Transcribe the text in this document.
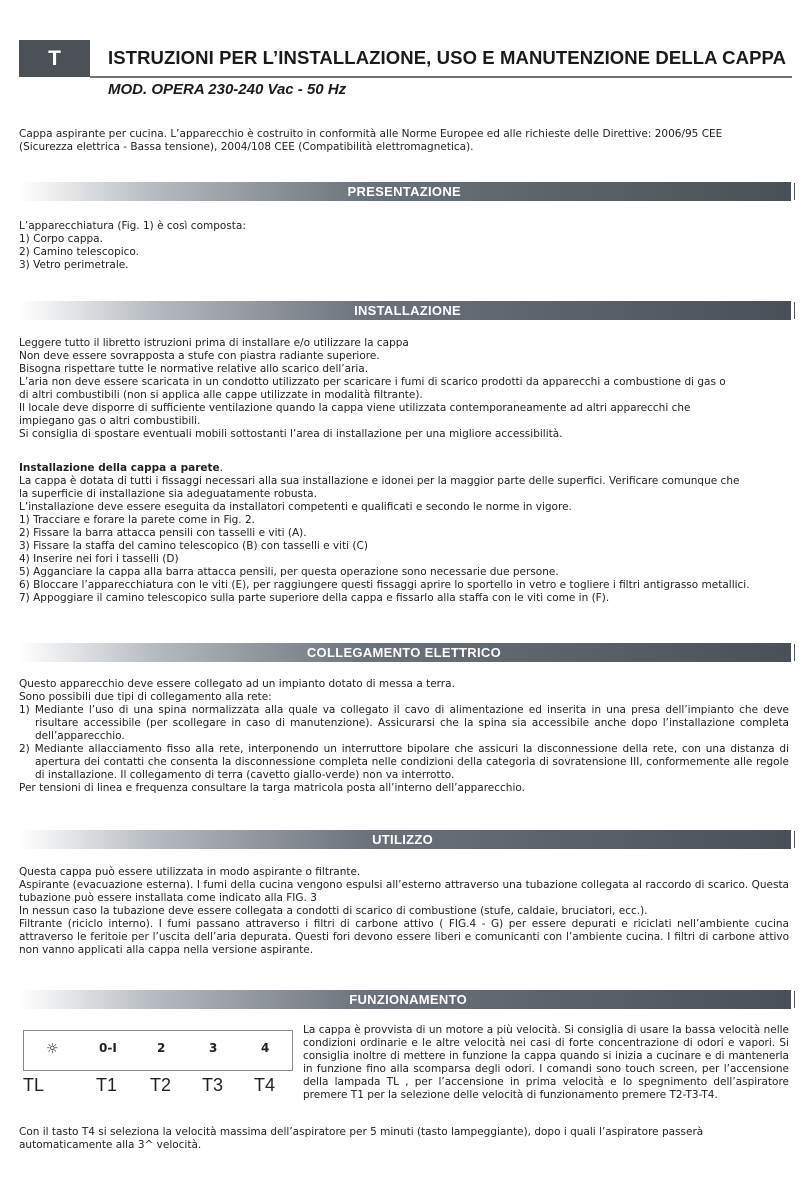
T	ISTRUZIONI PER L’INSTALLAZIONE, USO E MANUTENZIONE DELLA CAPPA
MOD. OPERA 230-240 Vac - 50 Hz

Cappa aspirante per cucina. L’apparecchio è costruito in conformità alle Norme Europee ed alle richieste delle Direttive: 2006/95 CEE

(Sicurezza elettrica - Bassa tensione), 2004/108 CEE (Compatibilità elettromagnetica).

PRESENTAZIONE

L’apparecchiatura (Fig. 1) è così composta:

1) Corpo cappa.

2) Camino telescopico.

3) Vetro perimetrale.

INSTALLAZIONE

Leggere tutto il libretto istruzioni prima di installare e/o utilizzare la cappa

Non deve essere sovrapposta a stufe con piastra radiante superiore.

Bisogna rispettare tutte le normative relative allo scarico dell’aria.

L’aria non deve essere scaricata in un condotto utilizzato per scaricare i fumi di scarico prodotti da apparecchi a combustione di gas o

di altri combustibili (non si applica alle cappe utilizzate in modalità filtrante).

Il locale deve disporre di sufficiente ventilazione quando la cappa viene utilizzata contemporaneamente ad altri apparecchi che

impiegano gas o altri combustibili.

Si consiglia di spostare eventuali mobili sottostanti l’area di installazione per una migliore accessibilità.

Installazione della cappa a parete.

La cappa è dotata di tutti i fissaggi necessari alla sua installazione e idonei per la maggior parte delle superfici. Verificare comunque che

la superficie di installazione sia adeguatamente robusta.

L’installazione deve essere eseguita da installatori competenti e qualificati e secondo le norme in vigore.

1) Tracciare e forare la parete come in Fig. 2.

2) Fissare la barra attacca pensili con tasselli e viti (A).

3) Fissare la staffa del camino telescopico (B) con tasselli e viti (C)

4) Inserire nei fori i tasselli (D)

5) Agganciare la cappa alla barra attacca pensili, per questa operazione sono necessarie due persone.

6) Bloccare l’apparecchiatura con le viti (E), per raggiungere questi fissaggi aprire lo sportello in vetro e togliere i filtri antigrasso metallici.

7) Appoggiare il camino telescopico sulla parte superiore della cappa e fissarlo alla staffa con le viti come in (F).

COLLEGAMENTO ELETTRICO

Questo apparecchio deve essere collegato ad un impianto dotato di messa a terra.

Sono possibili due tipi di collegamento alla rete:

1) Mediante l’uso di una spina normalizzata alla quale va collegato il cavo di alimentazione ed inserita in una presa dell’impianto che deve risultare accessibile (per scollegare in caso di manutenzione). Assicurarsi che la spina sia accessibile anche dopo l’installazione completa dell’apparecchio.

2) Mediante allacciamento fisso alla rete, interponendo un interruttore bipolare che assicuri la disconnessione della rete, con una distanza di apertura dei contatti che consenta la disconnessione completa nelle condizioni della categoria di sovratensione III, conformemente alle regole di installazione. Il collegamento di terra (cavetto giallo-verde) non va interrotto.

Per tensioni di linea e frequenza consultare la targa matricola posta all’interno dell’apparecchio.

UTILIZZO

Questa cappa può essere utilizzata in modo aspirante o filtrante.

Aspirante (evacuazione esterna). I fumi della cucina vengono espulsi all’esterno attraverso una tubazione collegata al raccordo di scarico. Questa tubazione può essere installata come indicato alla FIG. 3

In nessun caso la tubazione deve essere collegata a condotti di scarico di combustione (stufe, caldaie, bruciatori, ecc.).

Filtrante (riciclo interno). I fumi passano attraverso i filtri di carbone attivo ( FIG.4 - G) per essere depurati e riciclati nell’ambiente cucina attraverso le feritoie per l’uscita dell’aria depurata. Questi fori devono essere liberi e comunicanti con l’ambiente cucina. I filtri di carbone attivo non vanno applicati alla cappa nella versione aspirante.

FUNZIONAMENTO
☼	0-I	2	3	4
TL	T1 T2 T3 T4

La cappa è provvista di un motore a più velocità. Si consiglia di usare la bassa velocità nelle condizioni ordinarie e le altre velocità nei casi di forte concentrazione di odori e vapori. Si consiglia inoltre di mettere in funzione la cappa quando si inizia a cucinare e di mantenerla in funzione fino alla scomparsa degli odori. I comandi sono touch screen, per l’accensione della lampada TL , per l’accensione in prima velocità e lo spegnimento dell’aspiratore premere T1 per la selezione delle velocità di funzionamento premere T2-T3-T4.

Con il tasto T4 si seleziona la velocità massima dell’aspiratore per 5 minuti (tasto lampeggiante), dopo i quali l’aspiratore passerà automaticamente alla 3^ velocità.
